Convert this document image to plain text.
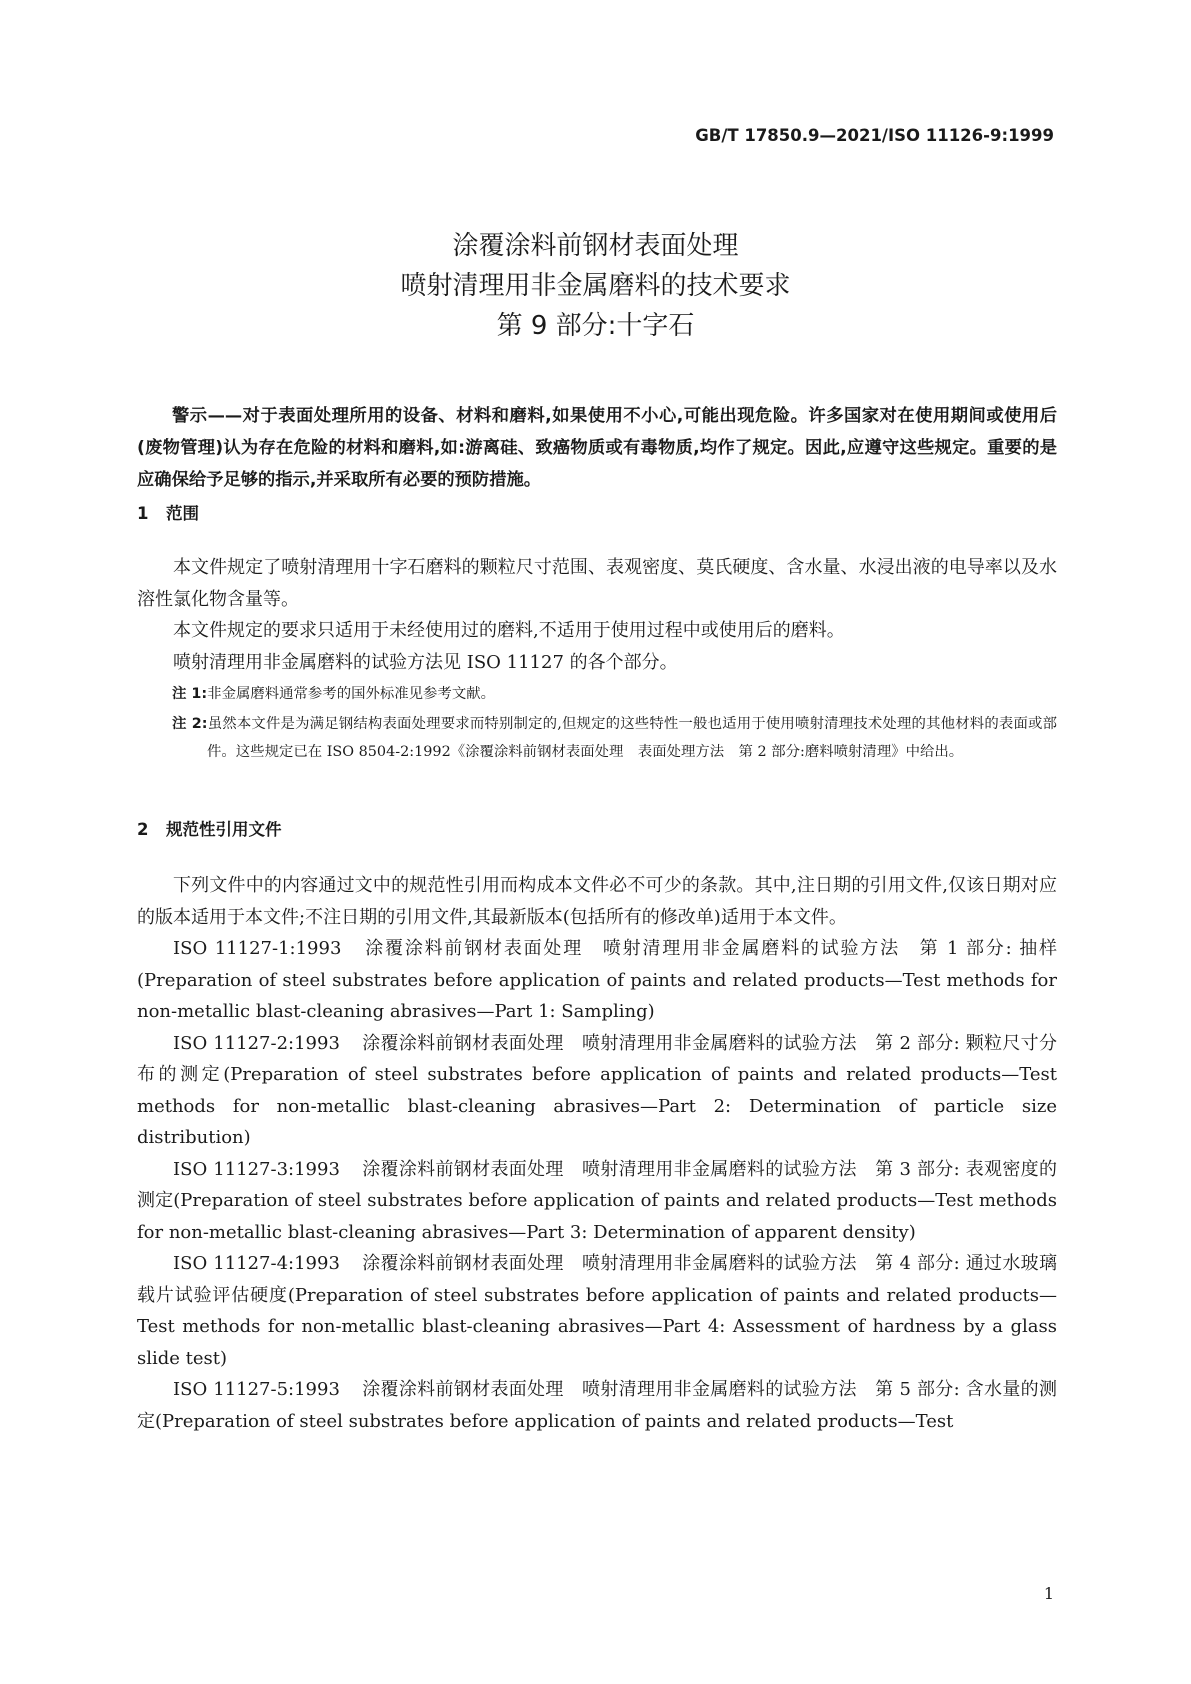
GB/T 17850.9—2021/ISO 11126-9:1999
涂覆涂料前钢材表面处理
喷射清理用非金属磨料的技术要求
第 9 部分:十字石
警示——对于表面处理所用的设备、材料和磨料,如果使用不小心,可能出现危险。许多国家对在使用期间或使用后(废物管理)认为存在危险的材料和磨料,如:游离硅、致癌物质或有毒物质,均作了规定。因此,应遵守这些规定。重要的是应确保给予足够的指示,并采取所有必要的预防措施。
1 范围

本文件规定了喷射清理用十字石磨料的颗粒尺寸范围、表观密度、莫氏硬度、含水量、水浸出液的电导率以及水溶性氯化物含量等。

本文件规定的要求只适用于未经使用过的磨料,不适用于使用过程中或使用后的磨料。

喷射清理用非金属磨料的试验方法见 ISO 11127 的各个部分。

注 1:非金属磨料通常参考的国外标准见参考文献。

注 2:虽然本文件是为满足钢结构表面处理要求而特别制定的,但规定的这些特性一般也适用于使用喷射清理技术处理的其他材料的表面或部件。这些规定已在 ISO 8504-2:1992《涂覆涂料前钢材表面处理　表面处理方法　第 2 部分:磨料喷射清理》中给出。

2 规范性引用文件

下列文件中的内容通过文中的规范性引用而构成本文件必不可少的条款。其中,注日期的引用文件,仅该日期对应的版本适用于本文件;不注日期的引用文件,其最新版本(包括所有的修改单)适用于本文件。

ISO 11127-1:1993 涂覆涂料前钢材表面处理　喷射清理用非金属磨料的试验方法　第 1 部分: 抽样(Preparation of steel substrates before application of paints and related products—Test methods for non-metallic blast-cleaning abrasives—Part 1: Sampling)

ISO 11127-2:1993 涂覆涂料前钢材表面处理　喷射清理用非金属磨料的试验方法　第 2 部分: 颗粒尺寸分布的测定(Preparation of steel substrates before application of paints and related products—Test methods for non-metallic blast-cleaning abrasives—Part 2: Determination of particle size distribution)

ISO 11127-3:1993 涂覆涂料前钢材表面处理　喷射清理用非金属磨料的试验方法　第 3 部分: 表观密度的测定(Preparation of steel substrates before application of paints and related products—Test methods for non-metallic blast-cleaning abrasives—Part 3: Determination of apparent density)

ISO 11127-4:1993 涂覆涂料前钢材表面处理　喷射清理用非金属磨料的试验方法　第 4 部分: 通过水玻璃载片试验评估硬度(Preparation of steel substrates before application of paints and related products—Test methods for non-metallic blast-cleaning abrasives—Part 4: Assessment of hardness by a glass slide test)

ISO 11127-5:1993 涂覆涂料前钢材表面处理　喷射清理用非金属磨料的试验方法　第 5 部分: 含水量的测定(Preparation of steel substrates before application of paints and related products—Test

1
